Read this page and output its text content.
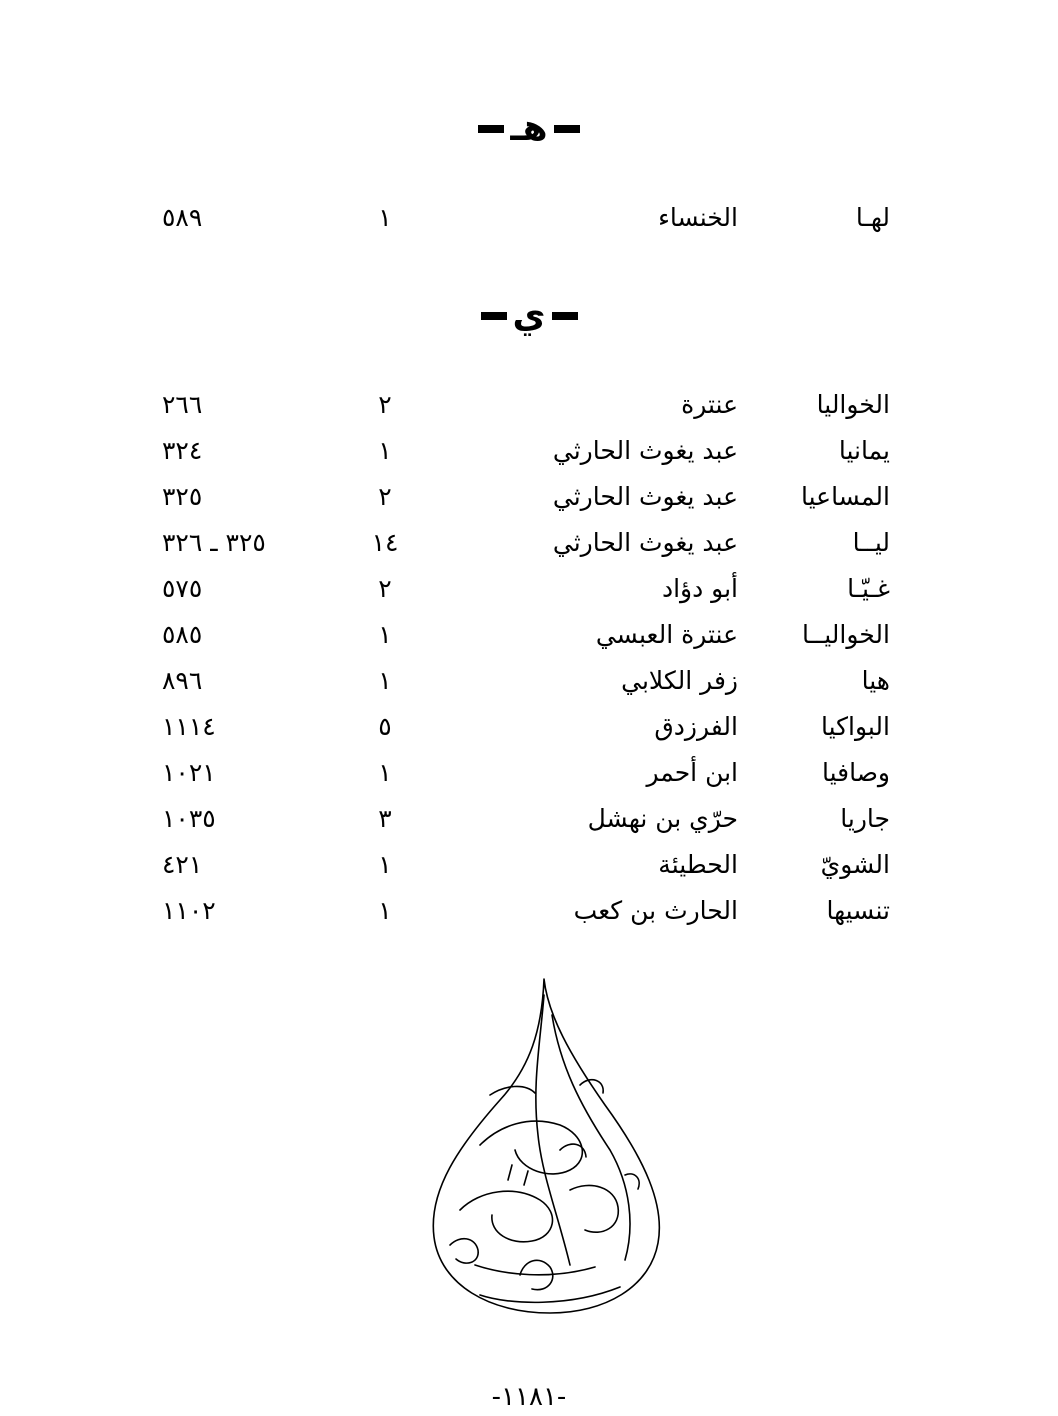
هـ
لهـا
الخنساء
١
٥٨٩
ي
الخواليا
عنترة
٢
٢٦٦
يمانيا
عبد يغوث الحارثي
١
٣٢٤
المساعيا
عبد يغوث الحارثي
٢
٣٢٥
ليــا
عبد يغوث الحارثي
١٤
٣٢٥ ـ ٣٢٦
غـيّـا
أبو دؤاد
٢
٥٧٥
الخواليــا
عنترة العبسي
١
٥٨٥
هيا
زفر الكلابي
١
٨٩٦
البواكيا
الفرزدق
٥
١١١٤
وصافيا
ابن أحمر
١
١٠٢١
جاريا
حرّي بن نهشل
٣
١٠٣٥
الشويّ
الحطيئة
١
٤٢١
تنسيها
الحارث بن كعب
١
١١٠٢
دار الغواص
-١١٨١-
